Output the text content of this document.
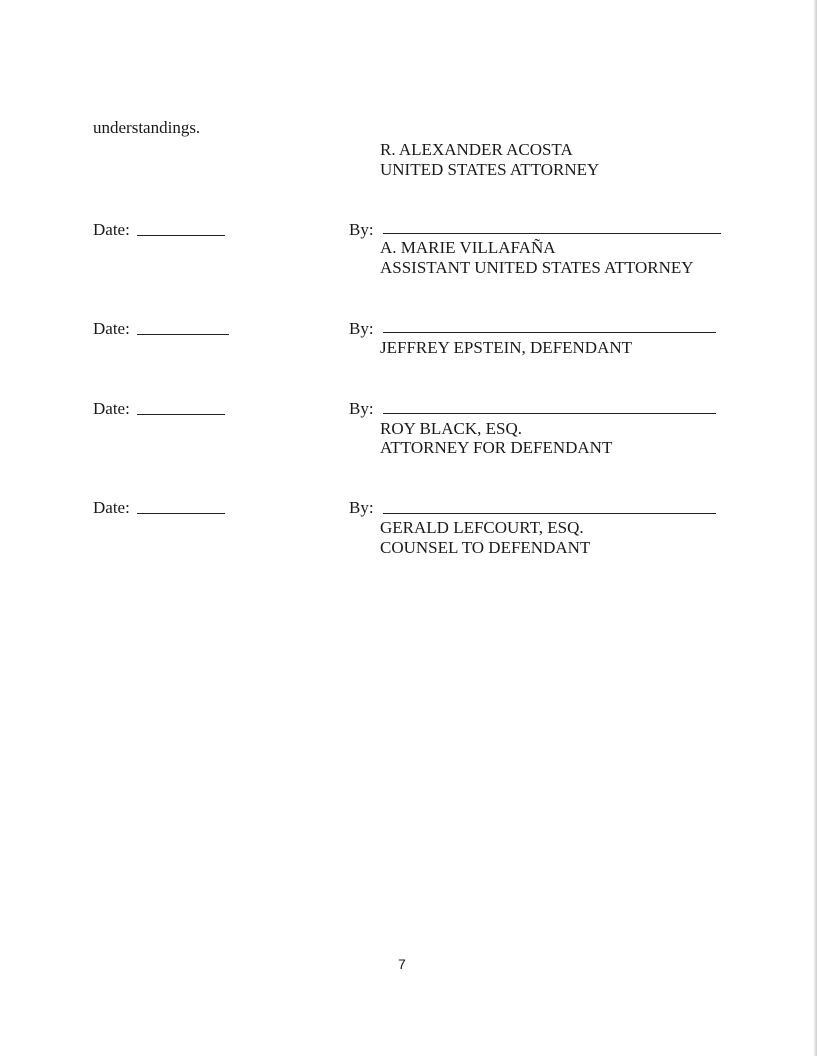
understandings.
R. ALEXANDER ACOSTA
UNITED STATES ATTORNEY
Date:	By:
A. MARIE VILLAFAÑA
ASSISTANT UNITED STATES ATTORNEY
Date:	By:
JEFFREY EPSTEIN, DEFENDANT
Date:	By:
ROY BLACK, ESQ.
ATTORNEY FOR DEFENDANT
Date:	By:
GERALD LEFCOURT, ESQ.
COUNSEL TO DEFENDANT
7
